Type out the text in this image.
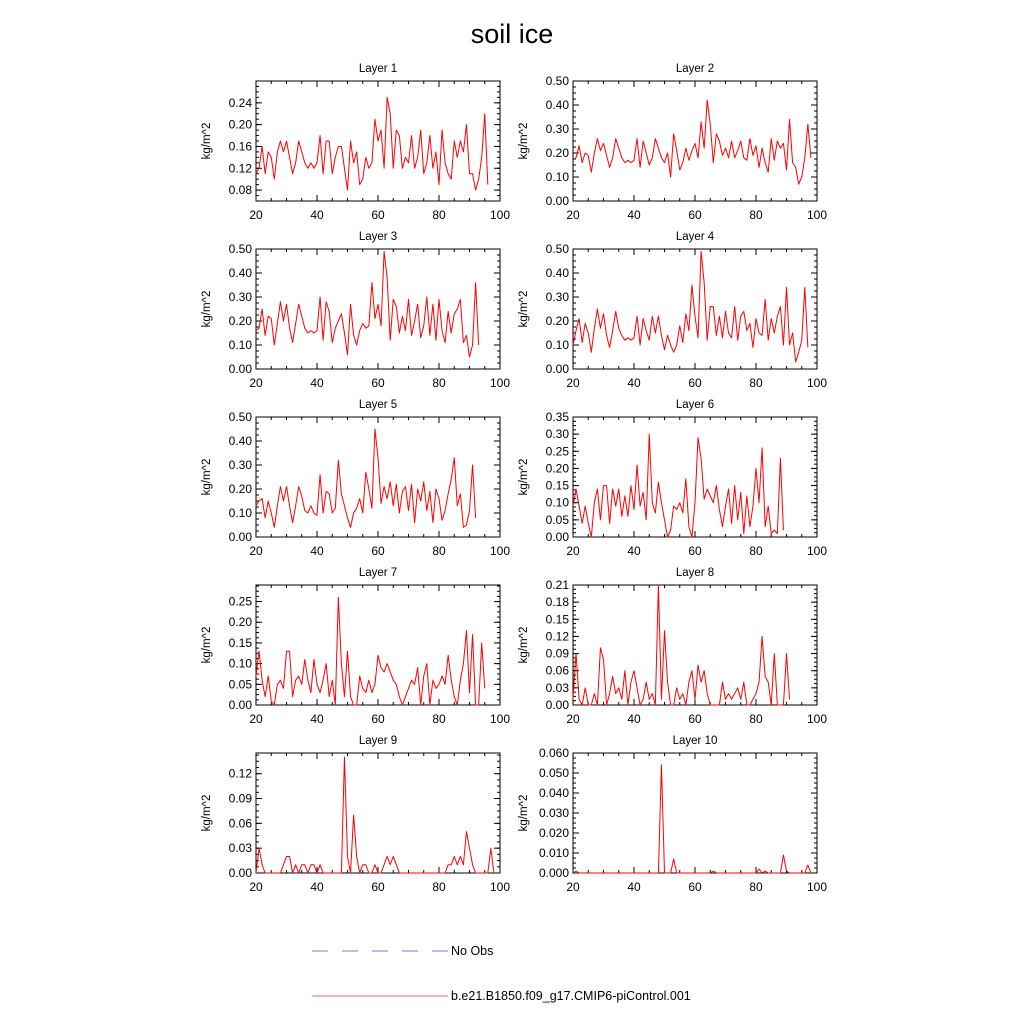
soil ice
Layer 1
20	40	60	80	100
0.08
0.12
0.16
0.20
0.24
kg/m^2
Layer 2
20	40	60	80	100
0.00
0.10
0.20
0.30
0.40
0.50
kg/m^2
Layer 3
20	40	60	80	100
0.00
0.10
0.20
0.30
0.40
0.50
kg/m^2
Layer 4
20	40	60	80	100
0.00
0.10
0.20
0.30
0.40
0.50
kg/m^2
Layer 5
20	40	60	80	100
0.00
0.10
0.20
0.30
0.40
0.50
kg/m^2
Layer 6
20	40	60	80	100
0.00
0.05
0.10
0.15
0.20
0.25
0.30
0.35
kg/m^2
Layer 7
20	40	60	80	100
0.00
0.05
0.10
0.15
0.20
0.25
kg/m^2
Layer 8
20	40	60	80	100
0.00
0.03
0.06
0.09
0.12
0.15
0.18
0.21
kg/m^2
Layer 9
20	40	60	80	100
0.00
0.03
0.06
0.09
0.12
kg/m^2
Layer 10
20	40	60	80	100
0.000
0.010
0.020
0.030
0.040
0.050
0.060
kg/m^2
No Obs
b.e21.B1850.f09_g17.CMIP6-piControl.001
